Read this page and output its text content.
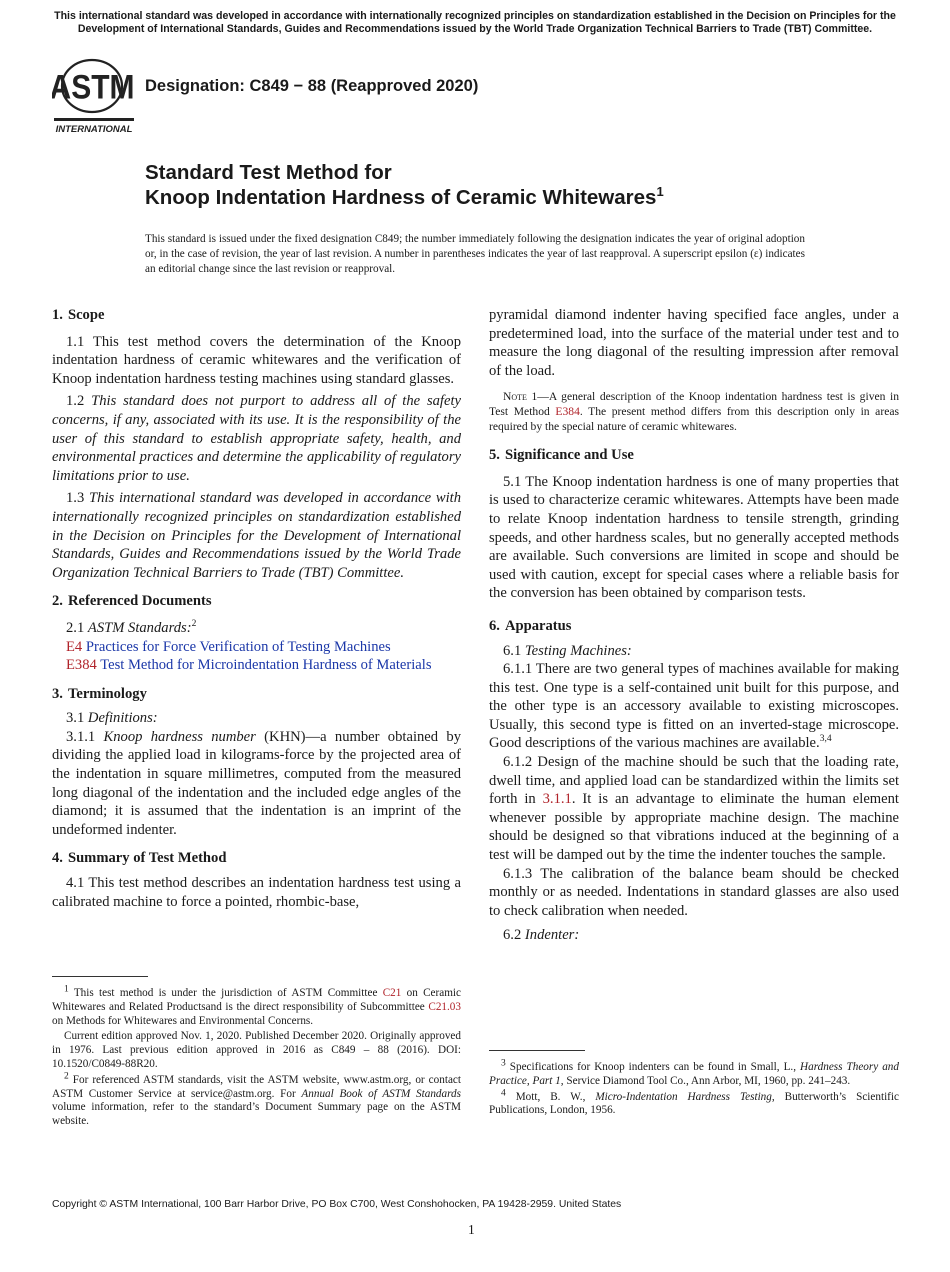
This international standard was developed in accordance with internationally recognized principles on standardization established in the Decision on Principles for the Development of International Standards, Guides and Recommendations issued by the World Trade Organization Technical Barriers to Trade (TBT) Committee.
ASTM
INTERNATIONAL
Designation: C849 − 88 (Reapproved 2020)
Standard Test Method for
Knoop Indentation Hardness of Ceramic Whitewares$^1$
This standard is issued under the fixed designation C849; the number immediately following the designation indicates the year of original adoption or, in the case of revision, the year of last revision. A number in parentheses indicates the year of last reapproval. A superscript epsilon (ε) indicates an editorial change since the last revision or reapproval.
1. Scope

1.1 This test method covers the determination of the Knoop indentation hardness of ceramic whitewares and the verification of Knoop indentation hardness testing machines using standard glasses.

1.2 This standard does not purport to address all of the safety concerns, if any, associated with its use. It is the responsibility of the user of this standard to establish appropriate safety, health, and environmental practices and determine the applicability of regulatory limitations prior to use.

1.3 This international standard was developed in accordance with internationally recognized principles on standardization established in the Decision on Principles for the Development of International Standards, Guides and Recommendations issued by the World Trade Organization Technical Barriers to Trade (TBT) Committee.

2. Referenced Documents

2.1 ASTM Standards:$^2$

E4 Practices for Force Verification of Testing Machines

E384 Test Method for Microindentation Hardness of Materials

3. Terminology

3.1 Definitions:

3.1.1 Knoop hardness number (KHN)—a number obtained by dividing the applied load in kilograms-force by the projected area of the indentation in square millimetres, computed from the measured long diagonal of the indentation and the included edge angles of the diamond; it is assumed that the indentation is an imprint of the undeformed indenter.

4. Summary of Test Method

4.1 This test method describes an indentation hardness test using a calibrated machine to force a pointed, rhombic-base,

$^1$ This test method is under the jurisdiction of ASTM Committee C21 on Ceramic Whitewares and Related Productsand is the direct responsibility of Subcommittee C21.03 on Methods for Whitewares and Environmental Concerns.

Current edition approved Nov. 1, 2020. Published December 2020. Originally approved in 1976. Last previous edition approved in 2016 as C849 – 88 (2016). DOI: 10.1520/C0849-88R20.

$^2$ For referenced ASTM standards, visit the ASTM website, www.astm.org, or contact ASTM Customer Service at service@astm.org. For Annual Book of ASTM Standards volume information, refer to the standard’s Document Summary page on the ASTM website.

pyramidal diamond indenter having specified face angles, under a predetermined load, into the surface of the material under test and to measure the long diagonal of the resulting impression after removal of the load.

Note 1—A general description of the Knoop indentation hardness test is given in Test Method E384. The present method differs from this description only in areas required by the special nature of ceramic whitewares.

5. Significance and Use

5.1 The Knoop indentation hardness is one of many properties that is used to characterize ceramic whitewares. Attempts have been made to relate Knoop indentation hardness to tensile strength, grinding speeds, and other hardness scales, but no generally accepted methods are available. Such conversions are limited in scope and should be used with caution, except for special cases where a reliable basis for the conversion has been obtained by comparison tests.

6. Apparatus

6.1 Testing Machines:

6.1.1 There are two general types of machines available for making this test. One type is a self-contained unit built for this purpose, and the other type is an accessory available to existing microscopes. Usually, this second type is fitted on an inverted-stage microscope. Good descriptions of the various machines are available.$^{3,4}$

6.1.2 Design of the machine should be such that the loading rate, dwell time, and applied load can be standardized within the limits set forth in 3.1.1. It is an advantage to eliminate the human element whenever possible by appropriate machine design. The machine should be designed so that vibrations induced at the beginning of a test will be damped out by the time the indenter touches the sample.

6.1.3 The calibration of the balance beam should be checked monthly or as needed. Indentations in standard glasses are also used to check calibration when needed.

6.2 Indenter:

$^3$ Specifications for Knoop indenters can be found in Small, L., Hardness Theory and Practice, Part 1, Service Diamond Tool Co., Ann Arbor, MI, 1960, pp. 241–243.

$^4$ Mott, B. W., Micro-Indentation Hardness Testing, Butterworth’s Scientific Publications, London, 1956.

Copyright © ASTM International, 100 Barr Harbor Drive, PO Box C700, West Conshohocken, PA 19428-2959. United States
1
